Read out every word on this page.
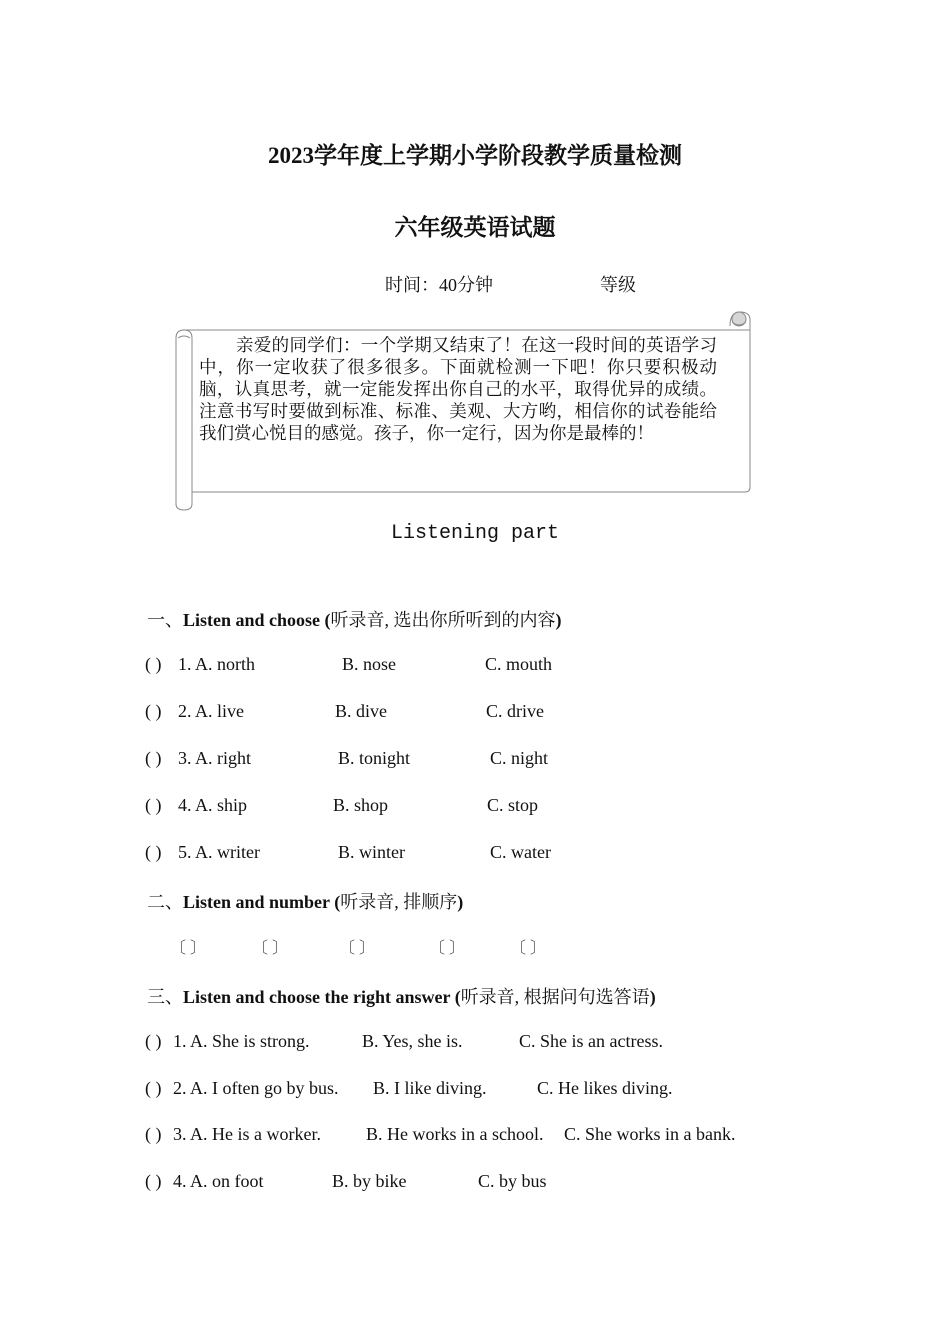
2023学年度上学期小学阶段教学质量检测
六年级英语试题
时间：40分钟	等级
亲爱的同学们：一个学期又结束了！在这一段时间的英语学习中，你一定收获了很多很多。下面就检测一下吧！你只要积极动脑，认真思考，就一定能发挥出你自己的水平，取得优异的成绩。注意书写时要做到标准、标准、美观、大方哟，相信你的试卷能给我们赏心悦目的感觉。孩子，你一定行，因为你是最棒的！
Listening part
一、Listen and choose (听录音, 选出你所听到的内容)
( ) 1. A. north	B. nose	C. mouth
( ) 2. A. live	B. dive	C. drive
( ) 3. A. right	B. tonight	C. night
( ) 4. A. ship	B. shop	C. stop
( ) 5. A. writer	B. winter	C. water
二、Listen and number (听录音, 排顺序)
〔 〕	〔 〕	〔 〕	〔 〕	〔 〕
三、Listen and choose the right answer (听录音, 根据问句选答语)
( ) 1. A. She is strong.	B. Yes, she is.	C. She is an actress.
( ) 2. A. I often go by bus. B. I like diving.	C. He likes diving.
( ) 3. A. He is a worker.	B. He works in a school. C. She works in a bank.
( ) 4. A. on foot	B. by bike	C. by bus
